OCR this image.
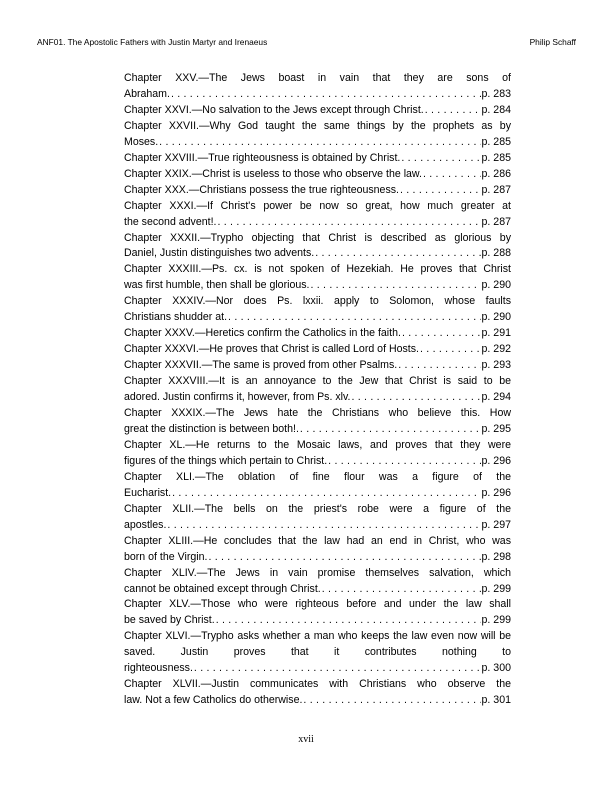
ANF01. The Apostolic Fathers with Justin Martyr and Irenaeus	Philip Schaff
Chapter XXV.—The Jews boast in vain that they are sons of
Abraham. . . .	p. 283
Chapter XXVI.—No salvation to the Jews except through Christ. . . .	p. 284
Chapter XXVII.—Why God taught the same things by the prophets as by
Moses. . . .	p. 285
Chapter XXVIII.—True righteousness is obtained by Christ. . . .	p. 285
Chapter XXIX.—Christ is useless to those who observe the law. . . .	p. 286
Chapter XXX.—Christians possess the true righteousness. . . .	p. 287
Chapter XXXI.—If Christ's power be now so great, how much greater at
the second advent!. . . .	p. 287
Chapter XXXII.—Trypho objecting that Christ is described as glorious by
Daniel, Justin distinguishes two advents. . . .	p. 288
Chapter XXXIII.—Ps. cx. is not spoken of Hezekiah. He proves that Christ
was first humble, then shall be glorious. . . .	p. 290
Chapter XXXIV.—Nor does Ps. lxxii. apply to Solomon, whose faults
Christians shudder at. . . .	p. 290
Chapter XXXV.—Heretics confirm the Catholics in the faith. . . .	p. 291
Chapter XXXVI.—He proves that Christ is called Lord of Hosts. . . .	p. 292
Chapter XXXVII.—The same is proved from other Psalms. . . .	p. 293
Chapter XXXVIII.—It is an annoyance to the Jew that Christ is said to be
adored. Justin confirms it, however, from Ps. xlv. . . .	p. 294
Chapter XXXIX.—The Jews hate the Christians who believe this. How
great the distinction is between both!. . . .	p. 295
Chapter XL.—He returns to the Mosaic laws, and proves that they were
figures of the things which pertain to Christ. . . .	p. 296
Chapter XLI.—The oblation of fine flour was a figure of the
Eucharist. . . .	p. 296
Chapter XLII.—The bells on the priest's robe were a figure of the
apostles. . . .	p. 297
Chapter XLIII.—He concludes that the law had an end in Christ, who was
born of the Virgin. . . .	p. 298
Chapter XLIV.—The Jews in vain promise themselves salvation, which
cannot be obtained except through Christ. . . .	p. 299
Chapter XLV.—Those who were righteous before and under the law shall
be saved by Christ. . . .	p. 299
Chapter XLVI.—Trypho asks whether a man who keeps the law even now will be saved. Justin proves that it contributes nothing to
righteousness. . . .	p. 300
Chapter XLVII.—Justin communicates with Christians who observe the
law. Not a few Catholics do otherwise. . . .	p. 301
xvii
